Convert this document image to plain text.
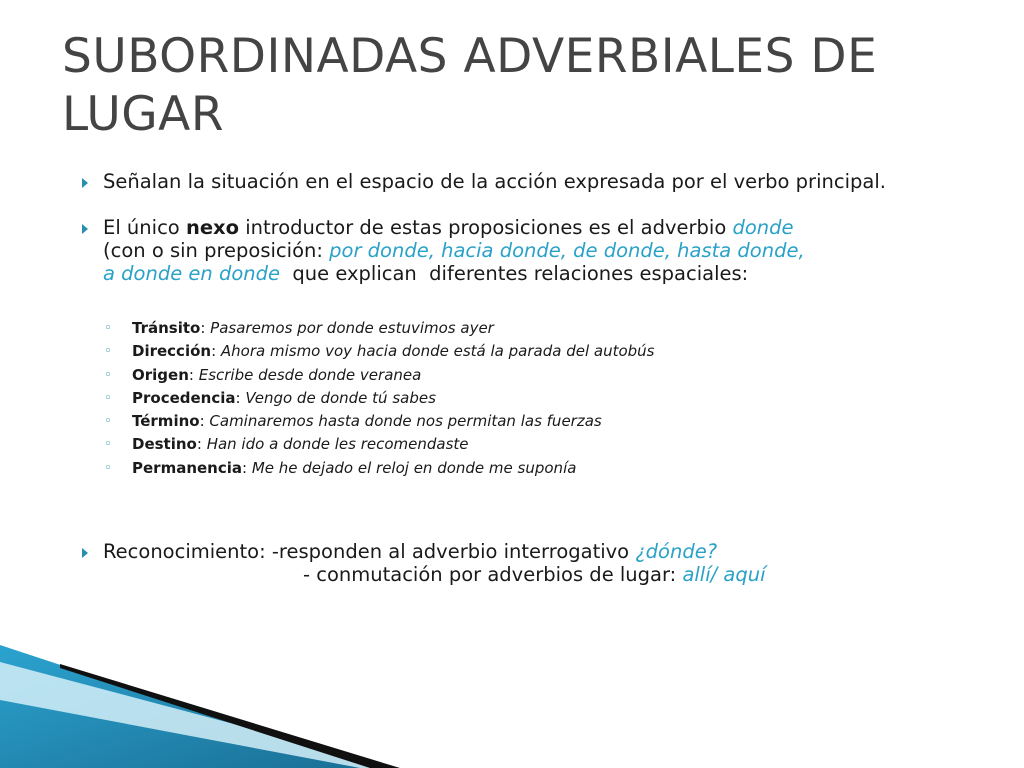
SUBORDINADAS ADVERBIALES DE LUGAR

Señalan la situación en el espacio de la acción expresada por el verbo principal.

El único nexo introductor de estas proposiciones es el adverbio donde
(con o sin preposición: por donde, hacia donde, de donde, hasta donde,
a donde en donde  que explican  diferentes relaciones espaciales:

◦ Tránsito: Pasaremos por donde estuvimos ayer
◦ Dirección: Ahora mismo voy hacia donde está la parada del autobús
◦ Origen: Escribe desde donde veranea
◦ Procedencia: Vengo de donde tú sabes
◦ Término: Caminaremos hasta donde nos permitan las fuerzas
◦ Destino: Han ido a donde les recomendaste
◦ Permanencia: Me he dejado el reloj en donde me suponía

Reconocimiento: -responden al adverbio interrogativo ¿dónde?
- conmutación por adverbios de lugar: allí/ aquí
